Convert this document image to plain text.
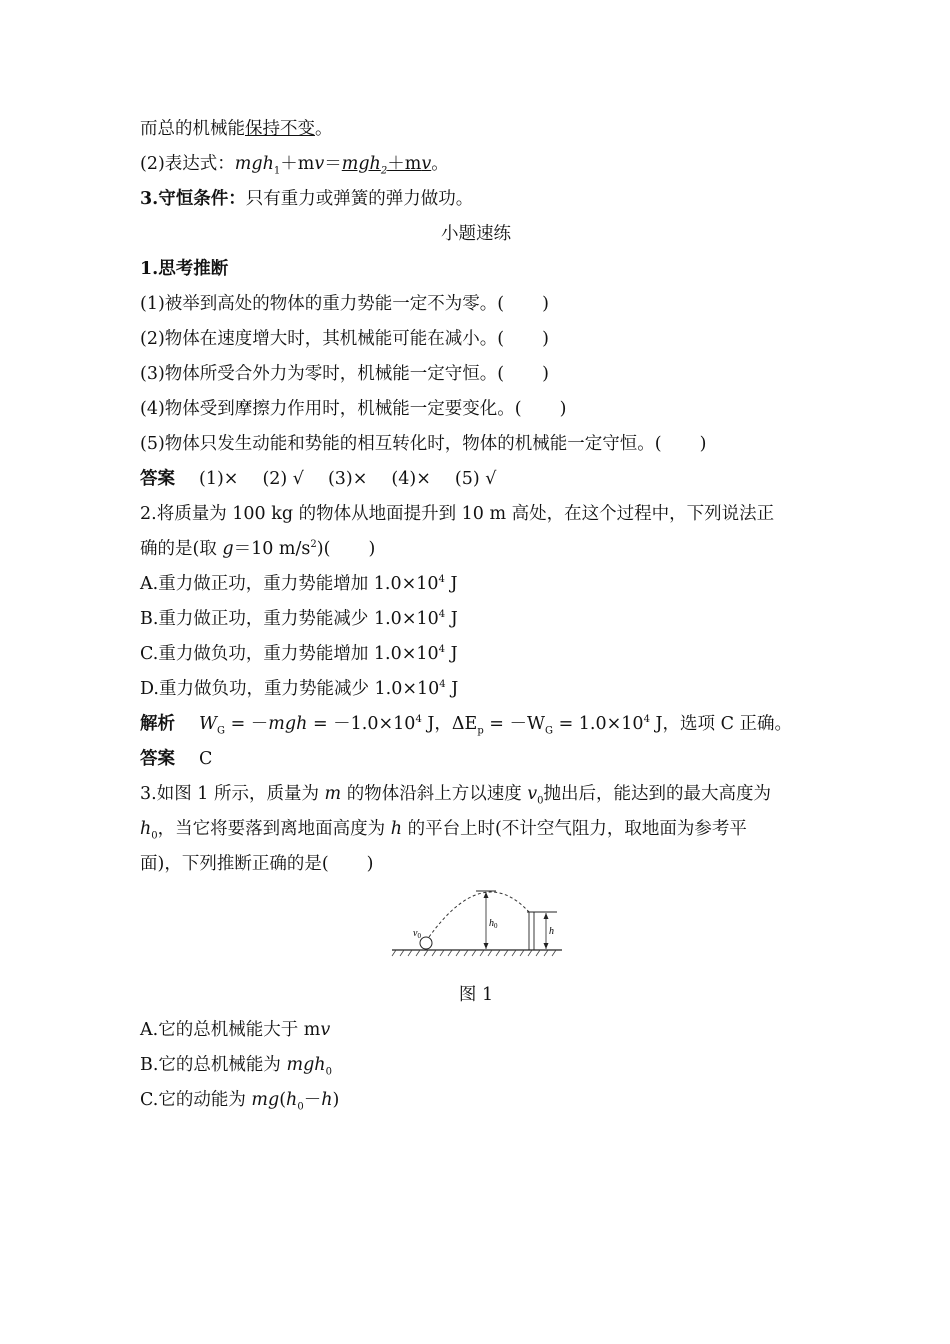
而总的机械能保持不变。
(2)表达式：mgh$_1$＋mv＝mgh$_2$＋mv。
3.守恒条件：只有重力或弹簧的弹力做功。
小题速练
1.思考推断
(1)被举到高处的物体的重力势能一定不为零。( )
(2)物体在速度增大时，其机械能可能在减小。( )
(3)物体所受合外力为零时，机械能一定守恒。( )
(4)物体受到摩擦力作用时，机械能一定要变化。( )
(5)物体只发生动能和势能的相互转化时，物体的机械能一定守恒。( )
答案 (1)× (2) √ (3)× (4)× (5) √
2.将质量为 100 kg 的物体从地面提升到 10 m 高处，在这个过程中，下列说法正
确的是(取 g＝10 $m/s^2$)( )
A.重力做正功，重力势能增加 $1.0\times 10^4$ J
B.重力做正功，重力势能减少 $1.0\times 10^4$ J
C.重力做负功，重力势能增加 $1.0\times 10^4$ J
D.重力做负功，重力势能减少 $1.0\times 10^4$ J
解析 $W_G = -mgh = -1.0\times 10^4$ J，$\Delta E_p = -W_G = 1.0\times 10^4$ J，选项 C 正确。
答案 C
3.如图 1 所示，质量为 m 的物体沿斜上方以速度 $v_0$抛出后，能达到的最大高度为
$h_0$，当它将要落到离地面高度为 h 的平台上时(不计空气阻力，取地面为参考平
面)，下列推断正确的是( )
$v_0$
$h_0$	h
图 1
A.它的总机械能大于 mv
B.它的总机械能为 mgh$_0$
C.它的动能为 $mg(h_0-h)$
